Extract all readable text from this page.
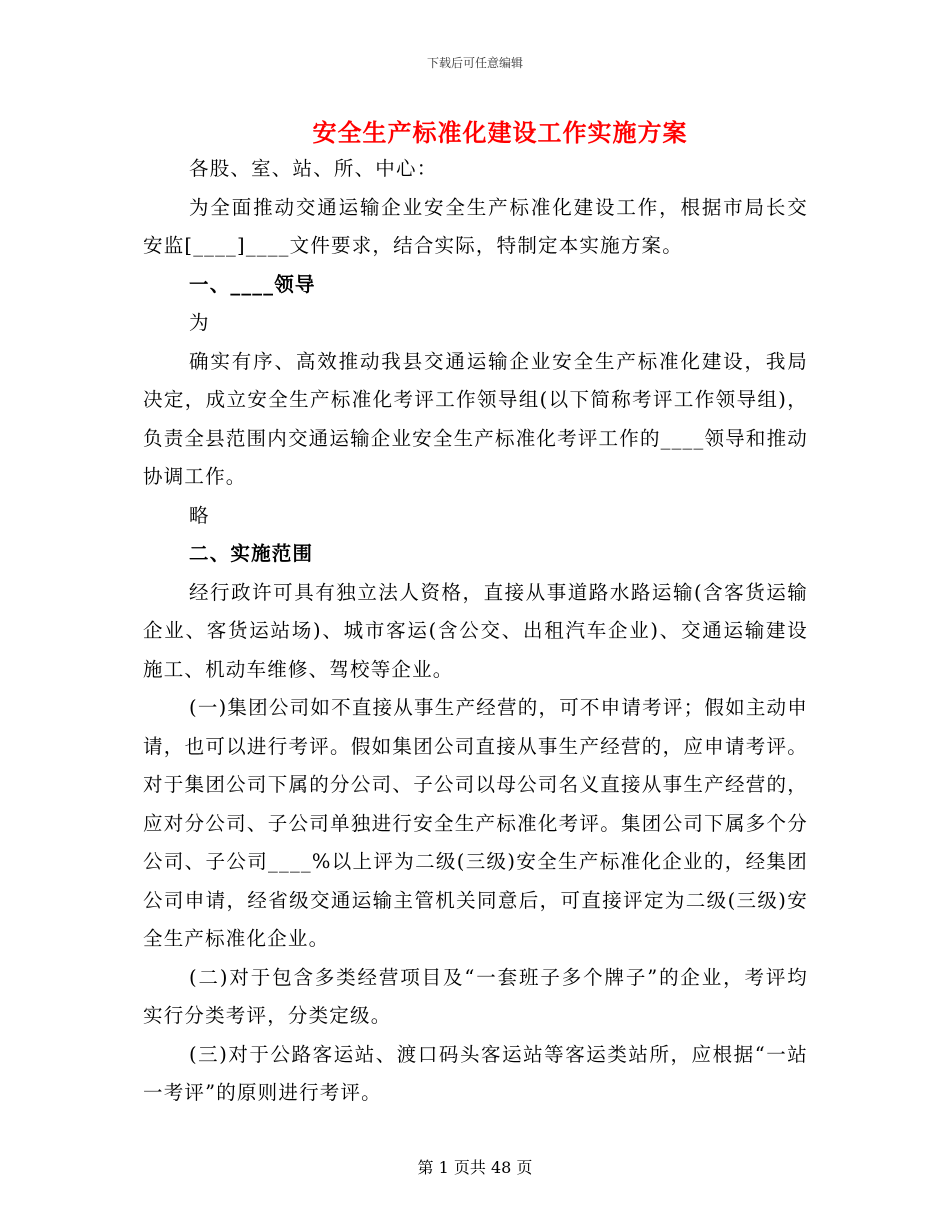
下载后可任意编辑
安全生产标准化建设工作实施方案

各股、室、站、所、中心：

为全面推动交通运输企业安全生产标准化建设工作，根据市局长交安监[____]____文件要求，结合实际，特制定本实施方案。

一、____领导

为

确实有序、高效推动我县交通运输企业安全生产标准化建设，我局决定，成立安全生产标准化考评工作领导组(以下简称考评工作领导组)，负责全县范围内交通运输企业安全生产标准化考评工作的____领导和推动协调工作。

略

二、实施范围

经行政许可具有独立法人资格，直接从事道路水路运输(含客货运输企业、客货运站场)、城市客运(含公交、出租汽车企业)、交通运输建设施工、机动车维修、驾校等企业。

(一)集团公司如不直接从事生产经营的，可不申请考评；假如主动申请，也可以进行考评。假如集团公司直接从事生产经营的，应申请考评。对于集团公司下属的分公司、子公司以母公司名义直接从事生产经营的，应对分公司、子公司单独进行安全生产标准化考评。集团公司下属多个分公司、子公司____%以上评为二级(三级)安全生产标准化企业的，经集团公司申请，经省级交通运输主管机关同意后，可直接评定为二级(三级)安全生产标准化企业。

(二)对于包含多类经营项目及“一套班子多个牌子”的企业，考评均实行分类考评，分类定级。

(三)对于公路客运站、渡口码头客运站等客运类站所，应根据“一站一考评”的原则进行考评。

第 1 页共 48 页
